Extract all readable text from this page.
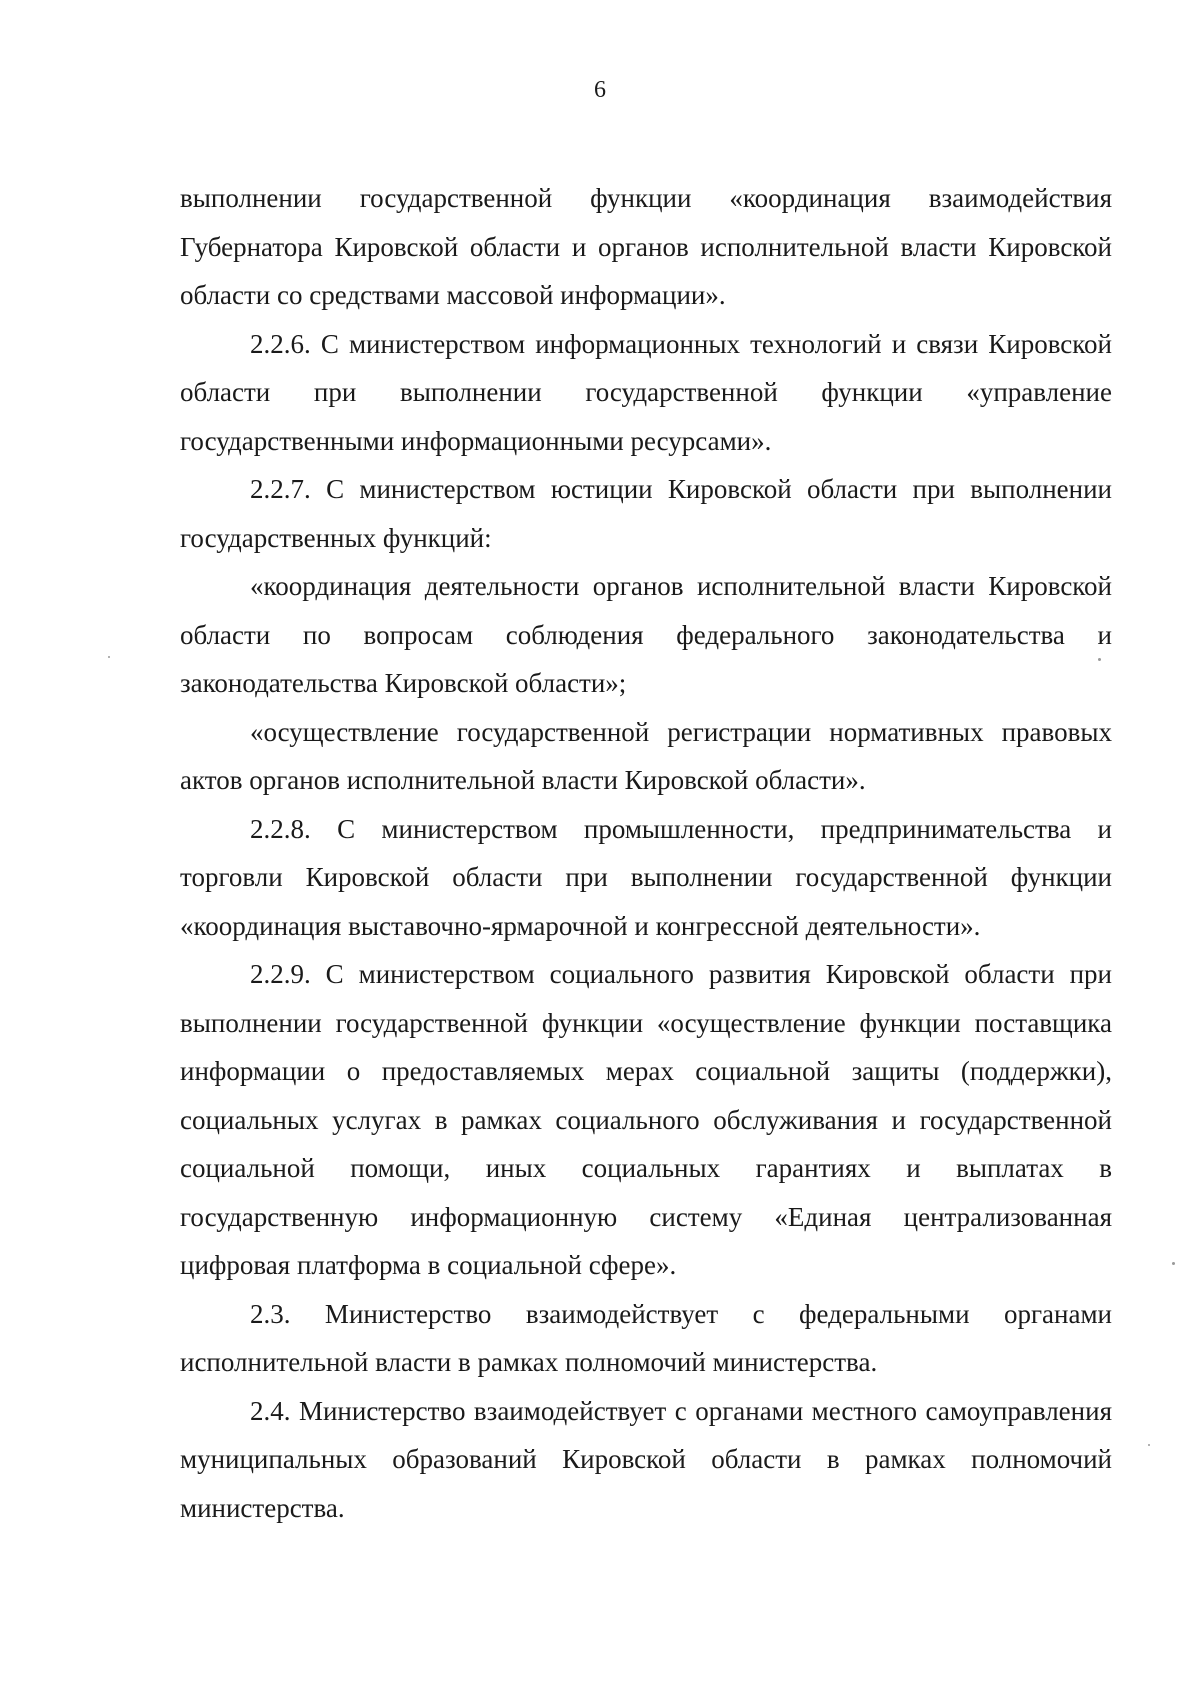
6

выполнении государственной функции «координация взаимодействия Губернатора Кировской области и органов исполнительной власти Кировской области со средствами массовой информации».

2.2.6. С министерством информационных технологий и связи Кировской области при выполнении государственной функции «управление государственными информационными ресурсами».

2.2.7. С министерством юстиции Кировской области при выполнении государственных функций:

«координация деятельности органов исполнительной власти Кировской области по вопросам соблюдения федерального законодательства и законодательства Кировской области»;

«осуществление государственной регистрации нормативных правовых актов органов исполнительной власти Кировской области».

2.2.8. С министерством промышленности, предпринимательства и торговли Кировской области при выполнении государственной функции «координация выставочно-ярмарочной и конгрессной деятельности».

2.2.9. С министерством социального развития Кировской области при выполнении государственной функции «осуществление функции поставщика информации о предоставляемых мерах социальной защиты (поддержки), социальных услугах в рамках социального обслуживания и государственной социальной помощи, иных социальных гарантиях и выплатах в государственную информационную систему «Единая централизованная цифровая платформа в социальной сфере».

2.3. Министерство взаимодействует с федеральными органами исполнительной власти в рамках полномочий министерства.

2.4. Министерство взаимодействует с органами местного самоуправления муниципальных образований Кировской области в рамках полномочий министерства.
